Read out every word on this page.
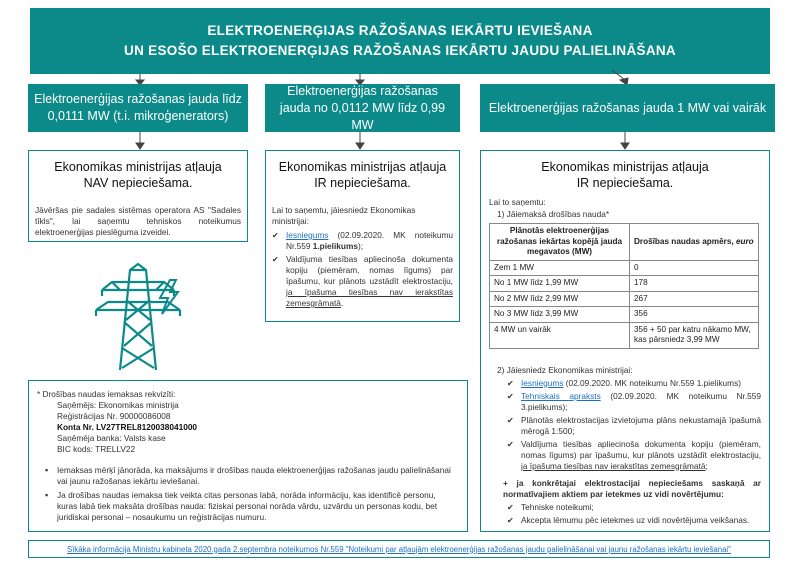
ELEKTROENERĢIJAS RAŽOŠANAS IEKĀRTU IEVIEŠANA
UN ESOŠO ELEKTROENERĢIJAS RAŽOŠANAS IEKĀRTU JAUDU PALIELINĀŠANA
Elektroenerģijas ražošanas jauda līdz 0,0111 MW (t.i. mikroģenerators)
Elektroenerģijas ražošanas jauda no 0,0112 MW līdz 0,99 MW
Elektroenerģijas ražošanas jauda 1 MW vai vairāk
Ekonomikas ministrijas atļauja
NAV nepieciešama.
Jāvēršas pie sadales sistēmas operatora AS "Sadales tīkls", lai saņemtu tehniskos noteikumus elektroenerģijas pieslēguma izveidei.
Ekonomikas ministrijas atļauja
IR nepieciešama.
Lai to saņemtu, jāiesniedz Ekonomikas ministrijai:
✔ Iesniegums (02.09.2020. MK noteikumu Nr.559 1.pielikums);
✔ Valdījuma tiesības apliecinoša dokumenta kopiju (piemēram, nomas līgums) par īpašumu, kur plānots uzstādīt elektrostaciju, ja īpašuma tiesības nav ierakstītas zemesgrāmatā.
Ekonomikas ministrijas atļauja
IR nepieciešama.
Lai to saņemtu:
1) Jāiemaksā drošības nauda*
Plānotās elektroenerģijas ražošanas iekārtas kopējā jauda megavatos (MW)	Drošības naudas apmērs, euro
Zem 1 MW	0
No 1 MW līdz 1,99 MW	178
No 2 MW līdz 2,99 MW	267
No 3 MW līdz 3,99 MW	356
4 MW un vairāk	356 + 50 par katru nākamo MW, kas pārsniedz 3,99 MW
2) Jāiesniedz Ekonomikas ministrijai:
✔ Iesniegums (02.09.2020. MK noteikumu Nr.559 1.pielikums)
✔ Tehniskais apraksts (02.09.2020. MK noteikumu Nr.559 3.pielikums);
✔ Plānotās elektrostacijas izvietojuma plāns nekustamajā īpašumā mērogā 1:500;
✔ Valdījuma tiesības apliecinoša dokumenta kopiju (piemēram, nomas līgums) par īpašumu, kur plānots uzstādīt elektrostaciju, ja īpašuma tiesības nav ierakstītas zemesgrāmatā;
+ ja konkrētajai elektrostacijai nepieciešams saskaņā ar normatīvajiem aktiem par ietekmes uz vidi novērtējumu:
✔ Tehniske noteikumi;
✔ Akcepta lēmumu pēc ietekmes uz vidi novērtējuma veikšanas.
* Drošības naudas iemaksas rekvizīti:
Saņēmējs: Ekonomikas ministrija
Reģistrācijas Nr. 90000086008
Konta Nr. LV27TREL8120038041000
Saņēmēja banka: Valsts kase
BIC kods: TRELLV22
▪ Iemaksas mērķī jānorāda, ka maksājums ir drošības nauda elektroenerģijas ražošanas jaudu palielināšanai vai jaunu ražošanas iekārtu ieviešanai.
▪ Ja drošības naudas iemaksa tiek veikta citas personas labā, norāda informāciju, kas identificē personu, kuras labā tiek maksāta drošības nauda: fiziskai personai norāda vārdu, uzvārdu un personas kodu, bet juridiskai personai – nosaukumu un reģistrācijas numuru.
Sīkāka informācija Ministru kabineta 2020.gada 2.septembra noteikumos Nr.559 "Noteikumi par atļaujām elektroenerģijas ražošanas jaudu palielināšanai vai jaunu ražošanas iekārtu ieviešanai"
